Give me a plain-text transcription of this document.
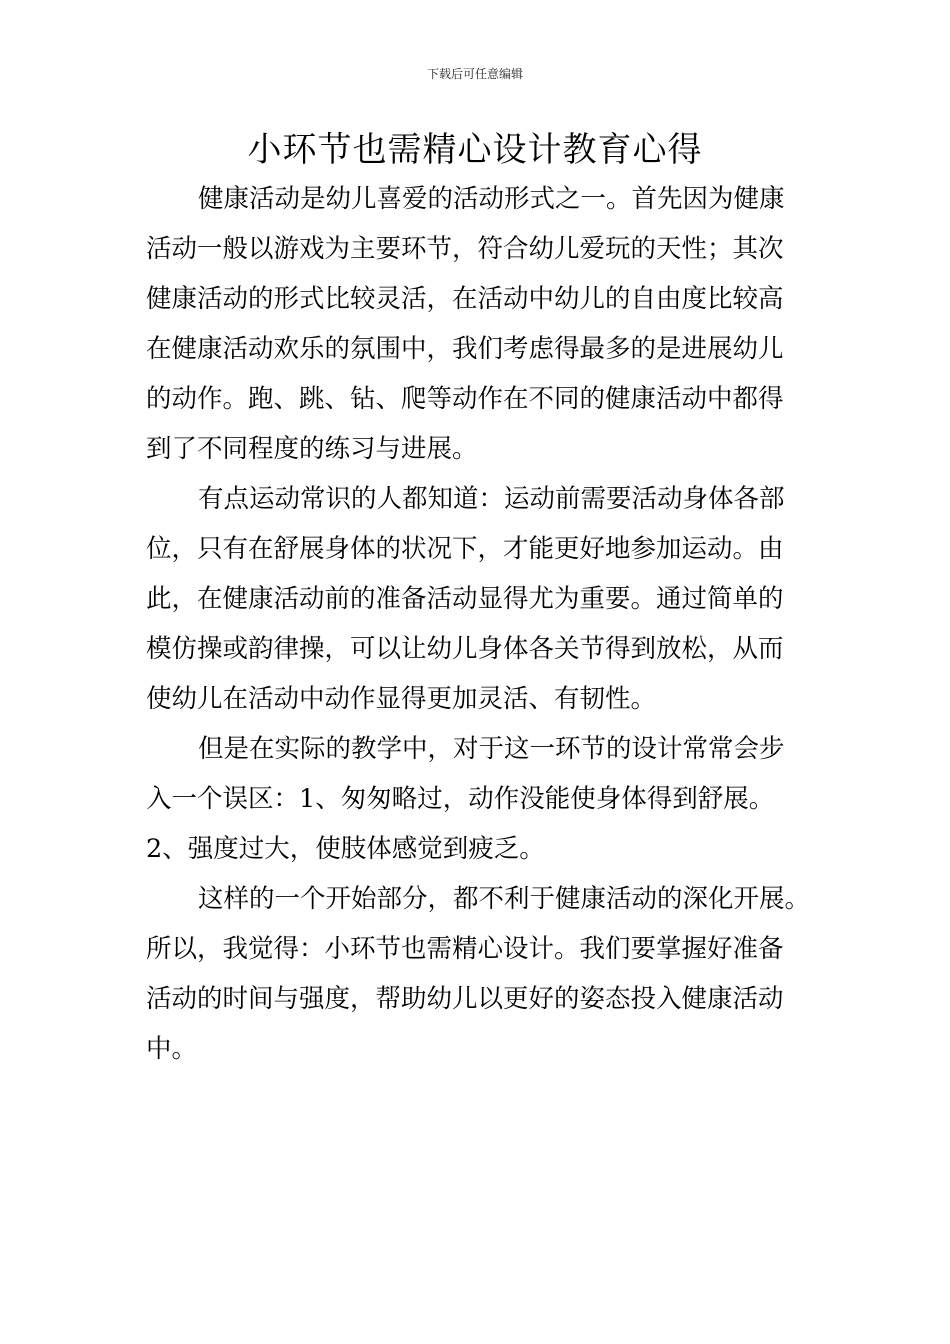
下载后可任意编辑
小环节也需精心设计教育心得
健康活动是幼儿喜爱的活动形式之一。首先因为健康
活动一般以游戏为主要环节，符合幼儿爱玩的天性；其次
健康活动的形式比较灵活，在活动中幼儿的自由度比较高
在健康活动欢乐的氛围中，我们考虑得最多的是进展幼儿
的动作。跑、跳、钻、爬等动作在不同的健康活动中都得
到了不同程度的练习与进展。
有点运动常识的人都知道：运动前需要活动身体各部
位，只有在舒展身体的状况下，才能更好地参加运动。由
此，在健康活动前的准备活动显得尤为重要。通过简单的
模仿操或韵律操，可以让幼儿身体各关节得到放松，从而
使幼儿在活动中动作显得更加灵活、有韧性。
但是在实际的教学中，对于这一环节的设计常常会步
入一个误区：1、匆匆略过，动作没能使身体得到舒展。
2、强度过大，使肢体感觉到疲乏。
这样的一个开始部分，都不利于健康活动的深化开展。
所以，我觉得：小环节也需精心设计。我们要掌握好准备
活动的时间与强度，帮助幼儿以更好的姿态投入健康活动
中。
